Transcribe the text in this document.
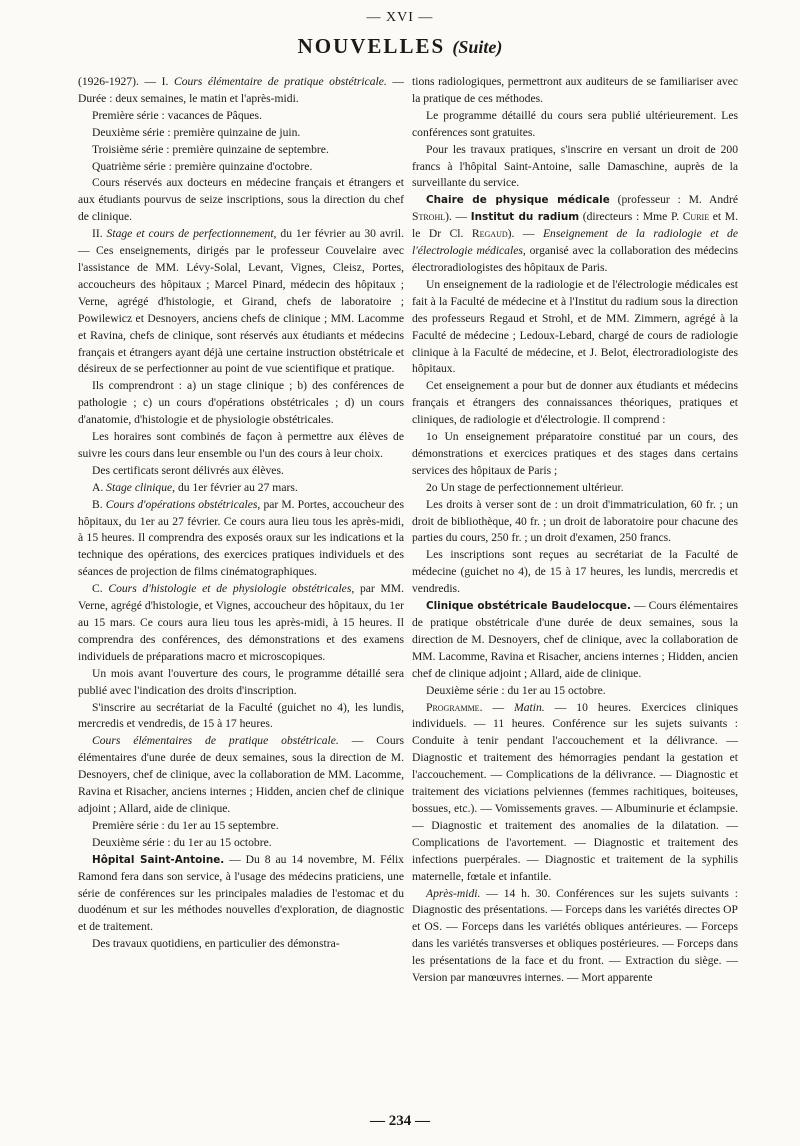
— XVI —
NOUVELLES (Suite)

(1926-1927). — I. Cours élémentaire de pratique obstétricale. — Durée : deux semaines, le matin et l'après-midi.

Première série : vacances de Pâques.

Deuxième série : première quinzaine de juin.

Troisième série : première quinzaine de septembre.

Quatrième série : première quinzaine d'octobre.

Cours réservés aux docteurs en médecine français et étrangers et aux étudiants pourvus de seize inscriptions, sous la direction du chef de clinique.

II. Stage et cours de perfectionnement, du 1er février au 30 avril. — Ces enseignements, dirigés par le professeur Couvelaire avec l'assistance de MM. Lévy-Solal, Levant, Vignes, Cleisz, Portes, accoucheurs des hôpitaux ; Marcel Pinard, médecin des hôpitaux ; Verne, agrégé d'histologie, et Girand, chefs de laboratoire ; Powilewicz et Desnoyers, anciens chefs de clinique ; MM. Lacomme et Ravina, chefs de clinique, sont réservés aux étudiants et médecins français et étrangers ayant déjà une certaine instruction obstétricale et désireux de se perfectionner au point de vue scientifique et pratique.

Ils comprendront : a) un stage clinique ; b) des conférences de pathologie ; c) un cours d'opérations obstétricales ; d) un cours d'anatomie, d'histologie et de physiologie obstétricales.

Les horaires sont combinés de façon à permettre aux élèves de suivre les cours dans leur ensemble ou l'un des cours à leur choix.

Des certificats seront délivrés aux élèves.

A. Stage clinique, du 1er février au 27 mars.

B. Cours d'opérations obstétricales, par M. Portes, accoucheur des hôpitaux, du 1er au 27 février. Ce cours aura lieu tous les après-midi, à 15 heures. Il comprendra des exposés oraux sur les indications et la technique des opérations, des exercices pratiques individuels et des séances de projection de films cinématographiques.

C. Cours d'histologie et de physiologie obstétricales, par MM. Verne, agrégé d'histologie, et Vignes, accoucheur des hôpitaux, du 1er au 15 mars. Ce cours aura lieu tous les après-midi, à 15 heures. Il comprendra des conférences, des démonstrations et des examens individuels de préparations macro et microscopiques.

Un mois avant l'ouverture des cours, le programme détaillé sera publié avec l'indication des droits d'inscription.

S'inscrire au secrétariat de la Faculté (guichet no 4), les lundis, mercredis et vendredis, de 15 à 17 heures.

Cours élémentaires de pratique obstétricale. — Cours élémentaires d'une durée de deux semaines, sous la direction de M. Desnoyers, chef de clinique, avec la collaboration de MM. Lacomme, Ravina et Risacher, anciens internes ; Hidden, ancien chef de clinique adjoint ; Allard, aide de clinique.

Première série : du 1er au 15 septembre.

Deuxième série : du 1er au 15 octobre.

Hôpital Saint-Antoine. — Du 8 au 14 novembre, M. Félix Ramond fera dans son service, à l'usage des médecins praticiens, une série de conférences sur les principales maladies de l'estomac et du duodénum et sur les méthodes nouvelles d'exploration, de diagnostic et de traitement.

Des travaux quotidiens, en particulier des démonstra-

tions radiologiques, permettront aux auditeurs de se familiariser avec la pratique de ces méthodes.

Le programme détaillé du cours sera publié ultérieurement. Les conférences sont gratuites.

Pour les travaux pratiques, s'inscrire en versant un droit de 200 francs à l'hôpital Saint-Antoine, salle Damaschine, auprès de la surveillante du service.

Chaire de physique médicale (professeur : M. André Strohl). — Institut du radium (directeurs : Mme P. Curie et M. le Dr Cl. Regaud). — Enseignement de la radiologie et de l'électrologie médicales, organisé avec la collaboration des médecins électroradiologistes des hôpitaux de Paris.

Un enseignement de la radiologie et de l'électrologie médicales est fait à la Faculté de médecine et à l'Institut du radium sous la direction des professeurs Regaud et Strohl, et de MM. Zimmern, agrégé à la Faculté de médecine ; Ledoux-Lebard, chargé de cours de radiologie clinique à la Faculté de médecine, et J. Belot, électroradiologiste des hôpitaux.

Cet enseignement a pour but de donner aux étudiants et médecins français et étrangers des connaissances théoriques, pratiques et cliniques, de radiologie et d'électrologie. Il comprend :

1o Un enseignement préparatoire constitué par un cours, des démonstrations et exercices pratiques et des stages dans certains services des hôpitaux de Paris ;

2o Un stage de perfectionnement ultérieur.

Les droits à verser sont de : un droit d'immatriculation, 60 fr. ; un droit de bibliothèque, 40 fr. ; un droit de laboratoire pour chacune des parties du cours, 250 fr. ; un droit d'examen, 250 francs.

Les inscriptions sont reçues au secrétariat de la Faculté de médecine (guichet no 4), de 15 à 17 heures, les lundis, mercredis et vendredis.

Clinique obstétricale Baudelocque. — Cours élémentaires de pratique obstétricale d'une durée de deux semaines, sous la direction de M. Desnoyers, chef de clinique, avec la collaboration de MM. Lacomme, Ravina et Risacher, anciens internes ; Hidden, ancien chef de clinique adjoint ; Allard, aide de clinique.

Deuxième série : du 1er au 15 octobre.

Programme. — Matin. — 10 heures. Exercices cliniques individuels. — 11 heures. Conférence sur les sujets suivants : Conduite à tenir pendant l'accouchement et la délivrance. — Diagnostic et traitement des hémorragies pendant la gestation et l'accouchement. — Complications de la délivrance. — Diagnostic et traitement des viciations pelviennes (femmes rachitiques, boiteuses, bossues, etc.). — Vomissements graves. — Albuminurie et éclampsie. — Diagnostic et traitement des anomalies de la dilatation. — Complications de l'avortement. — Diagnostic et traitement des infections puerpérales. — Diagnostic et traitement de la syphilis maternelle, fœtale et infantile.

Après-midi. — 14 h. 30. Conférences sur les sujets suivants : Diagnostic des présentations. — Forceps dans les variétés directes OP et OS. — Forceps dans les variétés obliques antérieures. — Forceps dans les variétés transverses et obliques postérieures. — Forceps dans les présentations de la face et du front. — Extraction du siège. — Version par manœuvres internes. — Mort apparente

— 234 —
